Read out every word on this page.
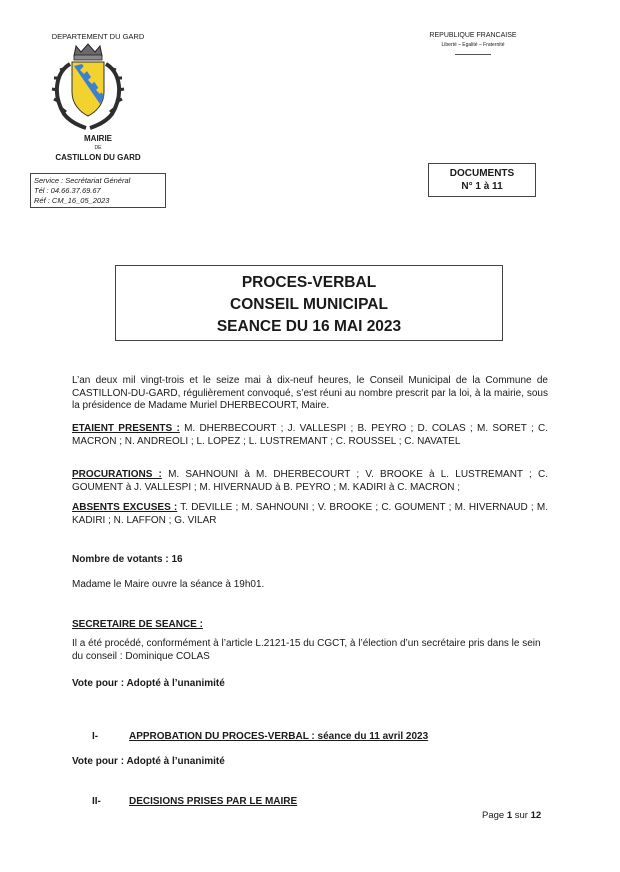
DEPARTEMENT DU GARD	REPUBLIQUE FRANCAISE
Liberté – Egalité – Fraternité
MAIRIE
DE
CASTILLON DU GARD
Service : Secrétariat Général
Tél : 04.66.37.69.67
Réf : CM_16_05_2023
DOCUMENTS
N° 1 à 11
PROCES-VERBAL
CONSEIL MUNICIPAL
SEANCE DU 16 MAI 2023
L’an deux mil vingt-trois et le seize mai à dix-neuf heures, le Conseil Municipal de la Commune de CASTILLON-DU-GARD, régulièrement convoqué, s’est réuni au nombre prescrit par la loi, à la mairie, sous la présidence de Madame Muriel DHERBECOURT, Maire.
ETAIENT PRESENTS : M. DHERBECOURT ; J. VALLESPI ; B. PEYRO ; D. COLAS ; M. SORET ; C. MACRON ; N. ANDREOLI ; L. LOPEZ ; L. LUSTREMANT ; C. ROUSSEL ; C. NAVATEL
PROCURATIONS : M. SAHNOUNI à M. DHERBECOURT ; V. BROOKE à L. LUSTREMANT ; C. GOUMENT à J. VALLESPI ; M. HIVERNAUD à B. PEYRO ; M. KADIRI à C. MACRON ;
ABSENTS EXCUSES : T. DEVILLE ; M. SAHNOUNI ; V. BROOKE ; C. GOUMENT ; M. HIVERNAUD ; M. KADIRI ; N. LAFFON ; G. VILAR
Nombre de votants : 16
Madame le Maire ouvre la séance à 19h01.
SECRETAIRE DE SEANCE :
Il a été procédé, conformément à l’article L.2121-15 du CGCT, à l’élection d’un secrétaire pris dans le sein du conseil : Dominique COLAS
Vote pour : Adopté à l’unanimité
I-	APPROBATION DU PROCES-VERBAL : séance du 11 avril 2023
Vote pour : Adopté à l’unanimité
II-	DECISIONS PRISES PAR LE MAIRE
Page 1 sur 12
